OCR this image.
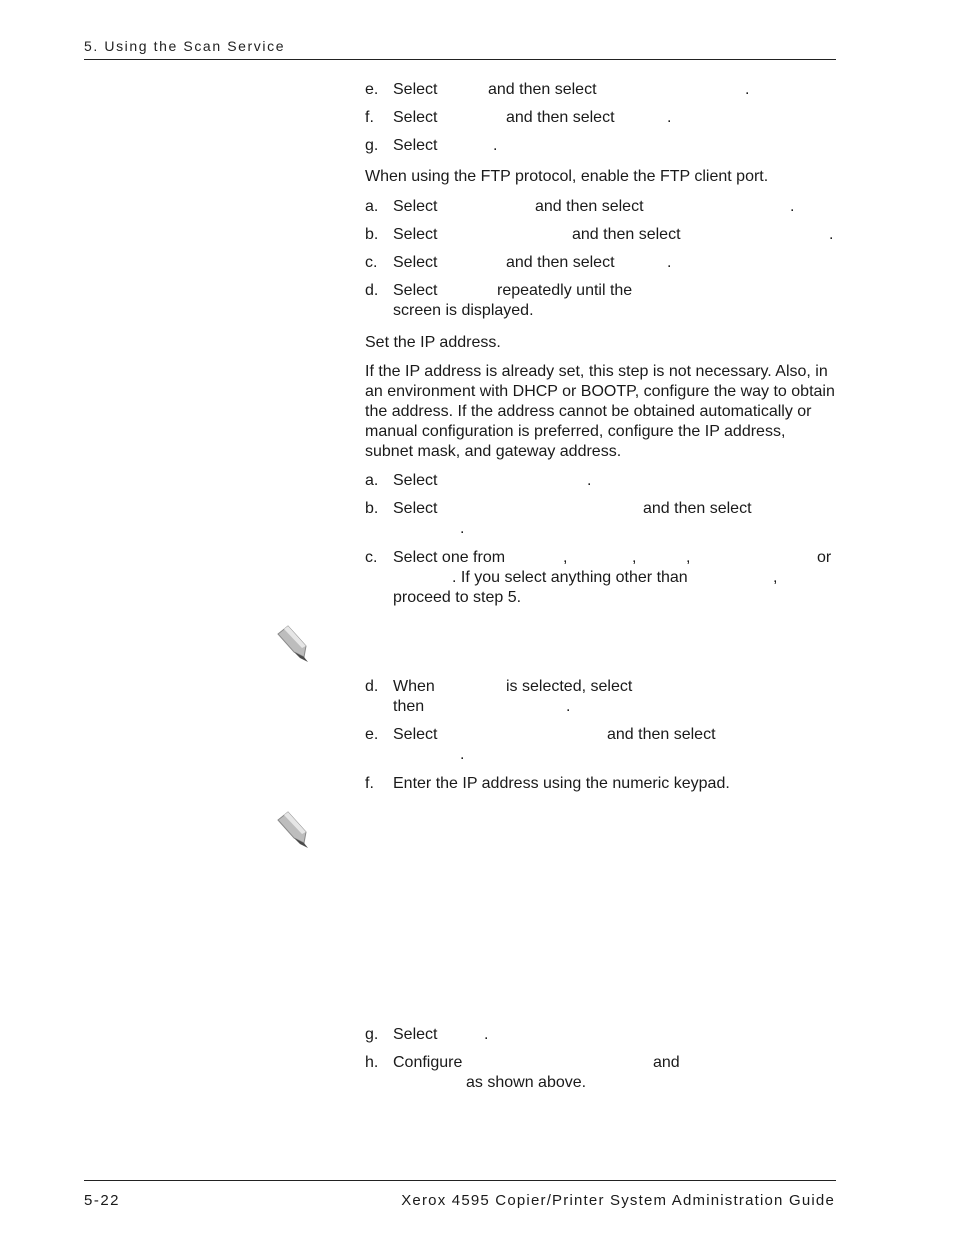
5. Using the Scan Service
e. Select	and then select	.
f. Select	and then select	.
g. Select	.
When using the FTP protocol, enable the FTP client port.
a. Select	and then select	.
b. Select	and then select	.
c. Select	and then select	.
d. Select	repeatedly until the
screen is displayed.
Set the IP address.
If the IP address is already set, this step is not necessary. Also, in an environment with DHCP or BOOTP, configure the way to obtain the address. If the address cannot be obtained automatically or manual configuration is preferred, configure the IP address, subnet mask, and gateway address.
a. Select	.
b. Select	and then select
.
c. Select one from	,	,	,	or
. If you select anything other than	,
proceed to step 5.
d. When	is selected, select
then	.
e. Select	and then select
.
f. Enter the IP address using the numeric keypad.
g. Select	.
h. Configure	and
as shown above.
5-22	Xerox 4595 Copier/Printer System Administration Guide
